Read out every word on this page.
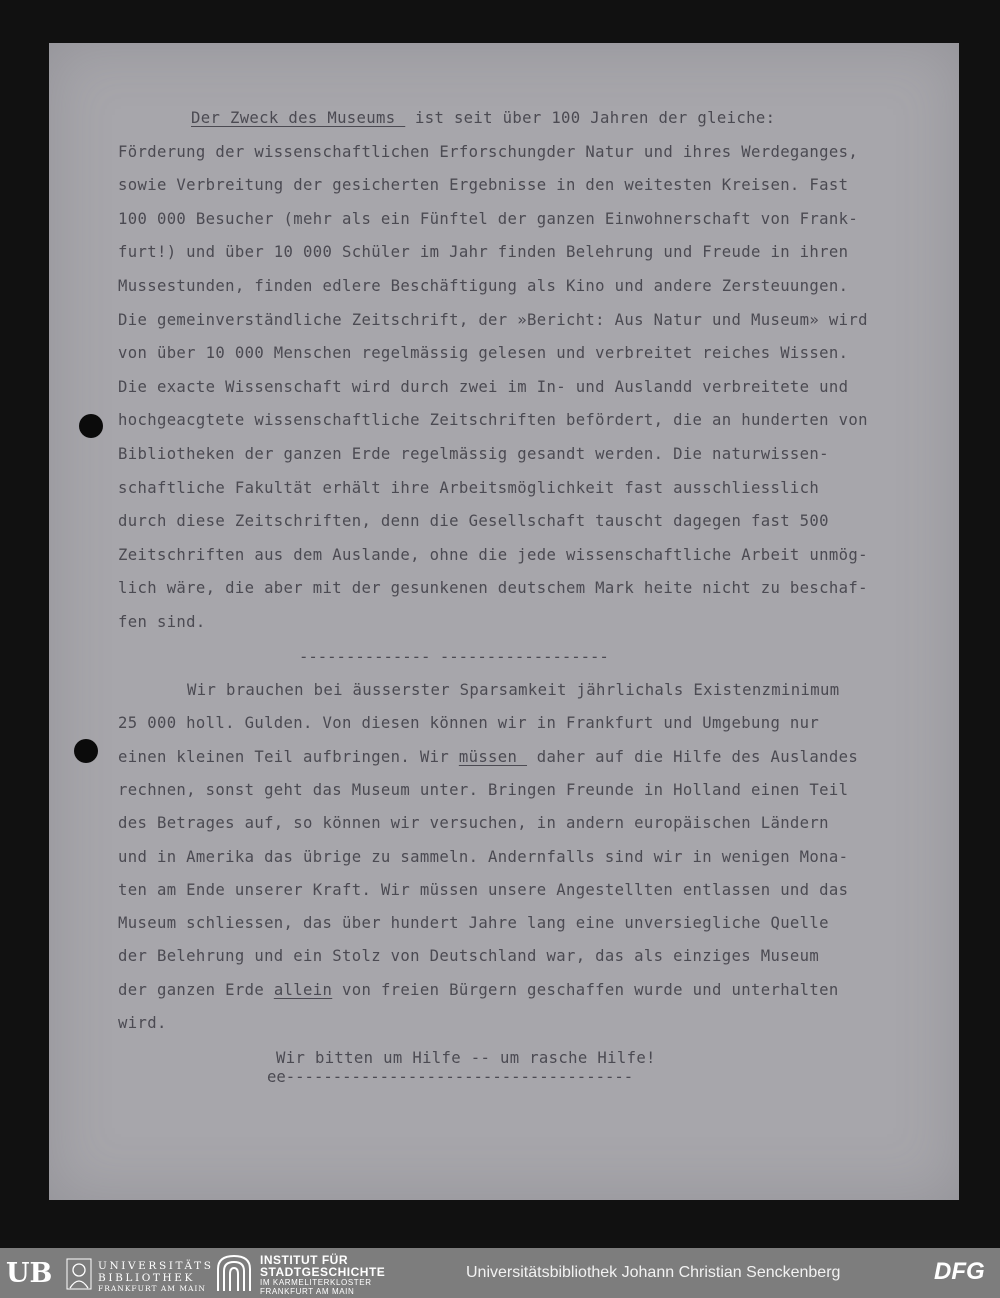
Der Zweck des Museums  ist seit über 100 Jahren der gleiche:
Förderung der wissenschaftlichen Erforschungder Natur und ihres Werdeganges,
sowie Verbreitung der gesicherten Ergebnisse in den weitesten Kreisen. Fast
100 000 Besucher (mehr als ein Fünftel der ganzen Einwohnerschaft von Frank-
furt!) und über 10 000 Schüler im Jahr finden Belehrung und Freude in ihren
Mussestunden, finden edlere Beschäftigung als Kino und andere Zersteuungen.
Die gemeinverständliche Zeitschrift, der »Bericht: Aus Natur und Museum» wird
von über 10 000 Menschen regelmässig gelesen und verbreitet reiches Wissen.
Die exacte Wissenschaft wird durch zwei im In- und Auslandd verbreitete und
hochgeacgtete wissenschaftliche Zeitschriften befördert, die an hunderten von
Bibliotheken der ganzen Erde regelmässig gesandt werden. Die naturwissen-
schaftliche Fakultät erhält ihre Arbeitsmöglichkeit fast ausschliesslich
durch diese Zeitschriften, denn die Gesellschaft tauscht dagegen fast 500
Zeitschriften aus dem Auslande, ohne die jede wissenschaftliche Arbeit unmög-
lich wäre, die aber mit der gesunkenen deutschem Mark heite nicht zu beschaf-
fen sind.

-------------- ------------------

Wir brauchen bei äusserster Sparsamkeit jährlichals Existenzminimum
25 000 holl. Gulden. Von diesen können wir in Frankfurt und Umgebung nur
einen kleinen Teil aufbringen. Wir müssen  daher auf die Hilfe des Auslandes
rechnen, sonst geht das Museum unter. Bringen Freunde in Holland einen Teil
des Betrages auf, so können wir versuchen, in andern europäischen Ländern
und in Amerika das übrige zu sammeln. Andernfalls sind wir in wenigen Mona-
ten am Ende unserer Kraft. Wir müssen unsere Angestellten entlassen und das
Museum schliessen, das über hundert Jahre lang eine unversiegliche Quelle
der Belehrung und ein Stolz von Deutschland war, das als einziges Museum
der ganzen Erde allein von freien Bürgern geschaffen wurde und unterhalten
wird.

Wir bitten um Hilfe -- um rasche Hilfe!

ee-------------------------------------

UB	UNIVERSITÄTS
BIBLIOTHEK
FRANKFURT AM MAIN
INSTITUT FÜR
STADTGESCHICHTE
IM KARMELITERKLOSTER
FRANKFURT AM MAIN
Universitätsbibliothek Johann Christian Senckenberg	DFG
